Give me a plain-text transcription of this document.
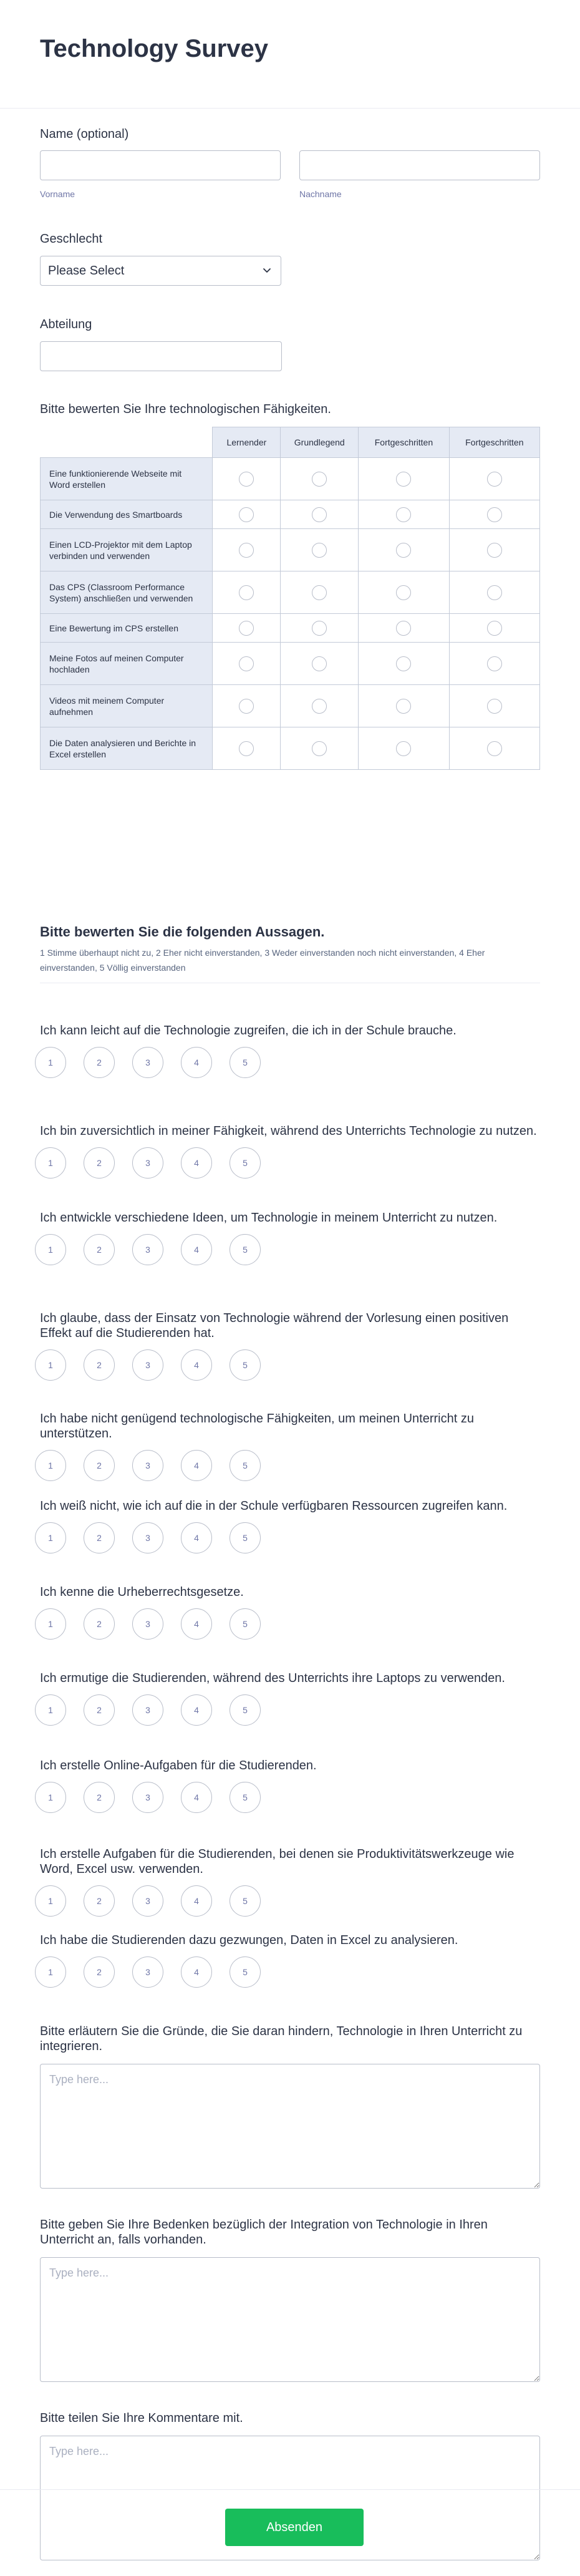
Technology Survey
Name (optional)
Vorname	Nachname
Geschlecht
Please Select
Abteilung
Bitte bewerten Sie Ihre technologischen Fähigkeiten.
	Lernender	Grundlegend	Fortgeschritten	Fortgeschritten
Eine funktionierende Webseite mit Word erstellen				
Die Verwendung des Smartboards				
Einen LCD-Projektor mit dem Laptop verbinden und verwenden				
Das CPS (Classroom Performance System) anschließen und verwenden				
Eine Bewertung im CPS erstellen				
Meine Fotos auf meinen Computer hochladen				
Videos mit meinem Computer aufnehmen				
Die Daten analysieren und Berichte in Excel erstellen				
Bitte bewerten Sie die folgenden Aussagen.
1 Stimme überhaupt nicht zu, 2 Eher nicht einverstanden, 3 Weder einverstanden noch nicht einverstanden, 4 Eher einverstanden, 5 Völlig einverstanden
Ich kann leicht auf die Technologie zugreifen, die ich in der Schule brauche.
1	2	3	4	5
Ich bin zuversichtlich in meiner Fähigkeit, während des Unterrichts Technologie zu nutzen.
1	2	3	4	5
Ich entwickle verschiedene Ideen, um Technologie in meinem Unterricht zu nutzen.
1	2	3	4	5
Ich glaube, dass der Einsatz von Technologie während der Vorlesung einen positiven Effekt auf die Studierenden hat.
1	2	3	4	5
Ich habe nicht genügend technologische Fähigkeiten, um meinen Unterricht zu unterstützen.
1	2	3	4	5
Ich weiß nicht, wie ich auf die in der Schule verfügbaren Ressourcen zugreifen kann.
1	2	3	4	5
Ich kenne die Urheberrechtsgesetze.
1	2	3	4	5
Ich ermutige die Studierenden, während des Unterrichts ihre Laptops zu verwenden.
1	2	3	4	5
Ich erstelle Online-Aufgaben für die Studierenden.
1	2	3	4	5
Ich erstelle Aufgaben für die Studierenden, bei denen sie Produktivitätswerkzeuge wie Word, Excel usw. verwenden.
1	2	3	4	5
Ich habe die Studierenden dazu gezwungen, Daten in Excel zu analysieren.
1	2	3	4	5
Bitte erläutern Sie die Gründe, die Sie daran hindern, Technologie in Ihren Unterricht zu integrieren.
Type here...
Bitte geben Sie Ihre Bedenken bezüglich der Integration von Technologie in Ihren Unterricht an, falls vorhanden.
Type here...
Bitte teilen Sie Ihre Kommentare mit.
Type here...
Absenden
